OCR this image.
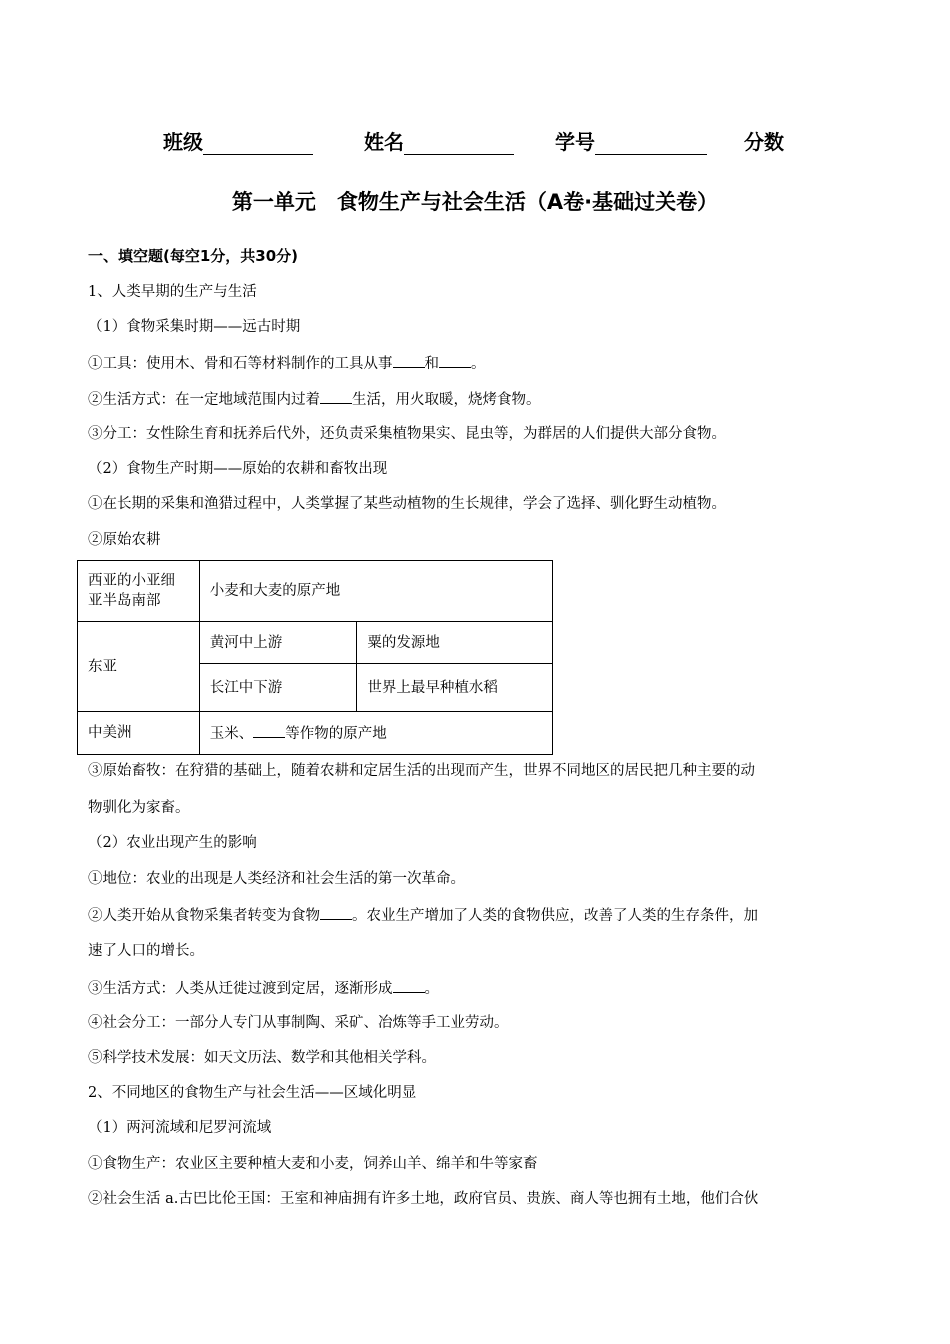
班级	姓名	学号	分数
第一单元　食物生产与社会生活（A卷·基础过关卷）
一、填空题(每空1分，共30分)
1、人类早期的生产与生活
（1）食物采集时期——远古时期
①工具：使用木、骨和石等材料制作的工具从事 和 。
②生活方式：在一定地域范围内过着 生活，用火取暖，烧烤食物。
③分工：女性除生育和抚养后代外，还负责采集植物果实、昆虫等，为群居的人们提供大部分食物。
（2）食物生产时期——原始的农耕和畜牧出现
①在长期的采集和渔猎过程中，人类掌握了某些动植物的生长规律，学会了选择、驯化野生动植物。
②原始农耕
西亚的小亚细亚半岛南部	小麦和大麦的原产地	
东亚	黄河中上游	粟的发源地
	长江中下游	世界上最早种植水稻
中美洲	玉米、 等作物的原产地	
③原始畜牧：在狩猎的基础上，随着农耕和定居生活的出现而产生，世界不同地区的居民把几种主要的动
物驯化为家畜。
（2）农业出现产生的影响
①地位：农业的出现是人类经济和社会生活的第一次革命。
②人类开始从食物采集者转变为食物 。农业生产增加了人类的食物供应，改善了人类的生存条件，加
速了人口的增长。
③生活方式：人类从迁徙过渡到定居，逐渐形成 。
④社会分工：一部分人专门从事制陶、采矿、冶炼等手工业劳动。
⑤科学技术发展：如天文历法、数学和其他相关学科。
2、不同地区的食物生产与社会生活——区域化明显
（1）两河流域和尼罗河流域
①食物生产：农业区主要种植大麦和小麦，饲养山羊、绵羊和牛等家畜
②社会生活 a.古巴比伦王国：王室和神庙拥有许多土地，政府官员、贵族、商人等也拥有土地，他们合伙
